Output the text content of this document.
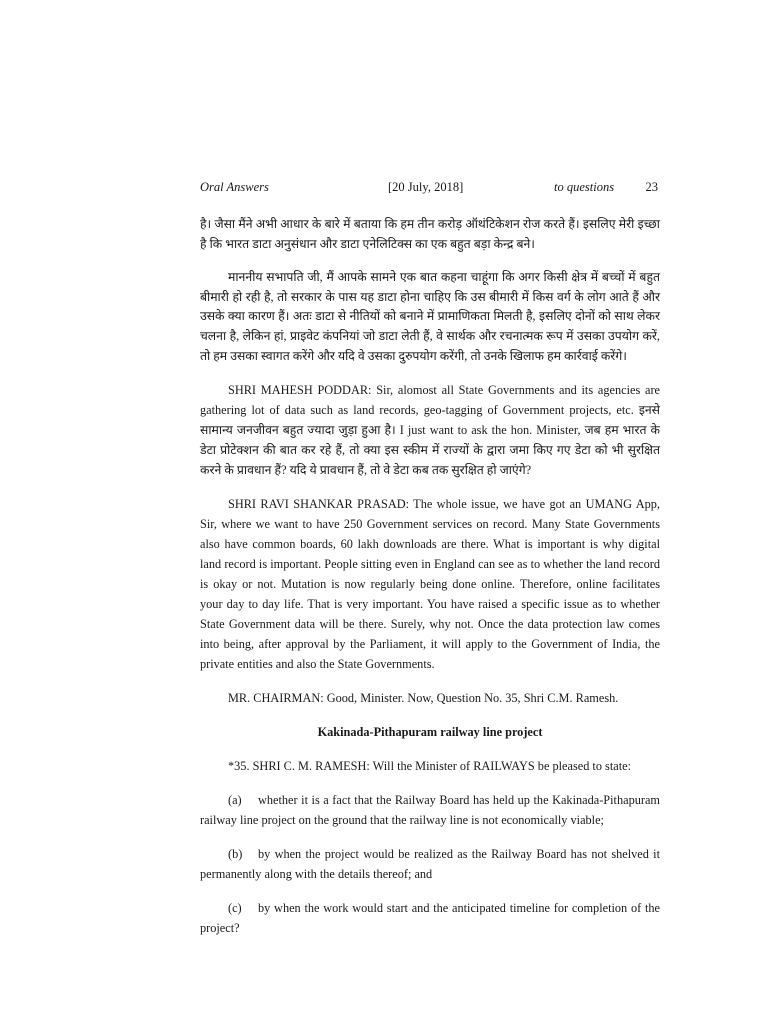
Oral Answers	[20 July, 2018]	to questions	23

है। जैसा मैंने अभी आधार के बारे में बताया कि हम तीन करोड़ ऑथंटिकेशन रोज करते हैं। इसलिए मेरी इच्छा है कि भारत डाटा अनुसंधान और डाटा एनेलिटिक्स का एक बहुत बड़ा केन्द्र बने।

माननीय सभापति जी, मैं आपके सामने एक बात कहना चाहूंगा कि अगर किसी क्षेत्र में बच्चों में बहुत बीमारी हो रही है, तो सरकार के पास यह डाटा होना चाहिए कि उस बीमारी में किस वर्ग के लोग आते हैं और उसके क्या कारण हैं। अतः डाटा से नीतियों को बनाने में प्रामाणिकता मिलती है, इसलिए दोनों को साथ लेकर चलना है, लेकिन हां, प्राइवेट कंपनियां जो डाटा लेती हैं, वे सार्थक और रचनात्मक रूप में उसका उपयोग करें, तो हम उसका स्वागत करेंगे और यदि वे उसका दुरुपयोग करेंगी, तो उनके खिलाफ हम कार्रवाई करेंगे।

SHRI MAHESH PODDAR: Sir, alomost all State Governments and its agencies are gathering lot of data such as land records, geo-tagging of Government projects, etc. इनसे सामान्य जनजीवन बहुत ज्यादा जुड़ा हुआ है। I just want to ask the hon. Minister, जब हम भारत के डेटा प्रोटेक्शन की बात कर रहे हैं, तो क्या इस स्कीम में राज्यों के द्वारा जमा किए गए डेटा को भी सुरक्षित करने के प्रावधान हैं? यदि ये प्रावधान हैं, तो वे डेटा कब तक सुरक्षित हो जाएंगे?

SHRI RAVI SHANKAR PRASAD: The whole issue, we have got an UMANG App, Sir, where we want to have 250 Government services on record. Many State Governments also have common boards, 60 lakh downloads are there. What is important is why digital land record is important. People sitting even in England can see as to whether the land record is okay or not. Mutation is now regularly being done online. Therefore, online facilitates your day to day life. That is very important. You have raised a specific issue as to whether State Government data will be there. Surely, why not. Once the data protection law comes into being, after approval by the Parliament, it will apply to the Government of India, the private entities and also the State Governments.

MR. CHAIRMAN: Good, Minister. Now, Question No. 35, Shri C.M. Ramesh.

Kakinada-Pithapuram railway line project

*35. SHRI C. M. RAMESH: Will the Minister of RAILWAYS be pleased to state:

(a) whether it is a fact that the Railway Board has held up the Kakinada-Pithapuram railway line project on the ground that the railway line is not economically viable;

(b) by when the project would be realized as the Railway Board has not shelved it permanently along with the details thereof; and

(c) by when the work would start and the anticipated timeline for completion of the project?
